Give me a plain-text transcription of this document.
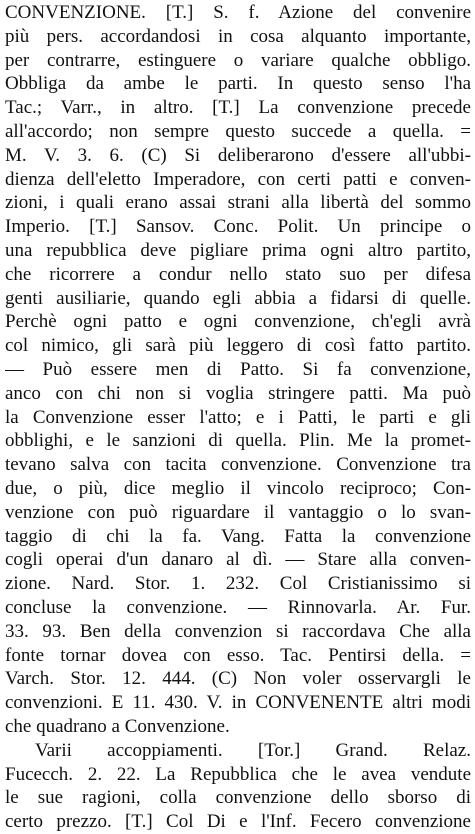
CONVENZIONE. [T.] S. f. Azione del convenire
più pers. accordandosi in cosa alquanto importante,
per contrarre, estinguere o variare qualche obbligo.
Obbliga da ambe le parti. In questo senso l'ha
Tac.; Varr., in altro. [T.] La convenzione precede
all'accordo; non sempre questo succede a quella. =
M. V. 3. 6. (C) Si deliberarono d'essere all'ubbi-
dienza dell'eletto Imperadore, con certi patti e conven-
zioni, i quali erano assai strani alla libertà del sommo
Imperio. [T.] Sansov. Conc. Polit. Un principe o
una repubblica deve pigliare prima ogni altro partito,
che ricorrere a condur nello stato suo per difesa
genti ausiliarie, quando egli abbia a fidarsi di quelle.
Perchè ogni patto e ogni convenzione, ch'egli avrà
col nimico, gli sarà più leggero di così fatto partito.
— Può essere men di Patto. Si fa convenzione,
anco con chi non si voglia stringere patti. Ma può
la Convenzione esser l'atto; e i Patti, le parti e gli
obblighi, e le sanzioni di quella. Plin. Me la promet-
tevano salva con tacita convenzione. Convenzione tra
due, o più, dice meglio il vincolo reciproco; Con-
venzione con può riguardare il vantaggio o lo svan-
taggio di chi la fa. Vang. Fatta la convenzione
cogli operai d'un danaro al dì. — Stare alla conven-
zione. Nard. Stor. 1. 232. Col Cristianissimo si
concluse la convenzione. — Rinnovarla. Ar. Fur.
33. 93. Ben della convenzion si raccordava Che alla
fonte tornar dovea con esso. Tac. Pentirsi della. =
Varch. Stor. 12. 444. (C) Non voler osservargli le
convenzioni. E 11. 430. V. in CONVENENTE altri modi
che quadrano a Convenzione.
Varii accoppiamenti. [Tor.] Grand. Relaz.
Fucecch. 2. 22. La Repubblica che le avea vendute
le sue ragioni, colla convenzione dello sborso di
certo prezzo. [T.] Col Di e l'Inf. Fecero convenzione
